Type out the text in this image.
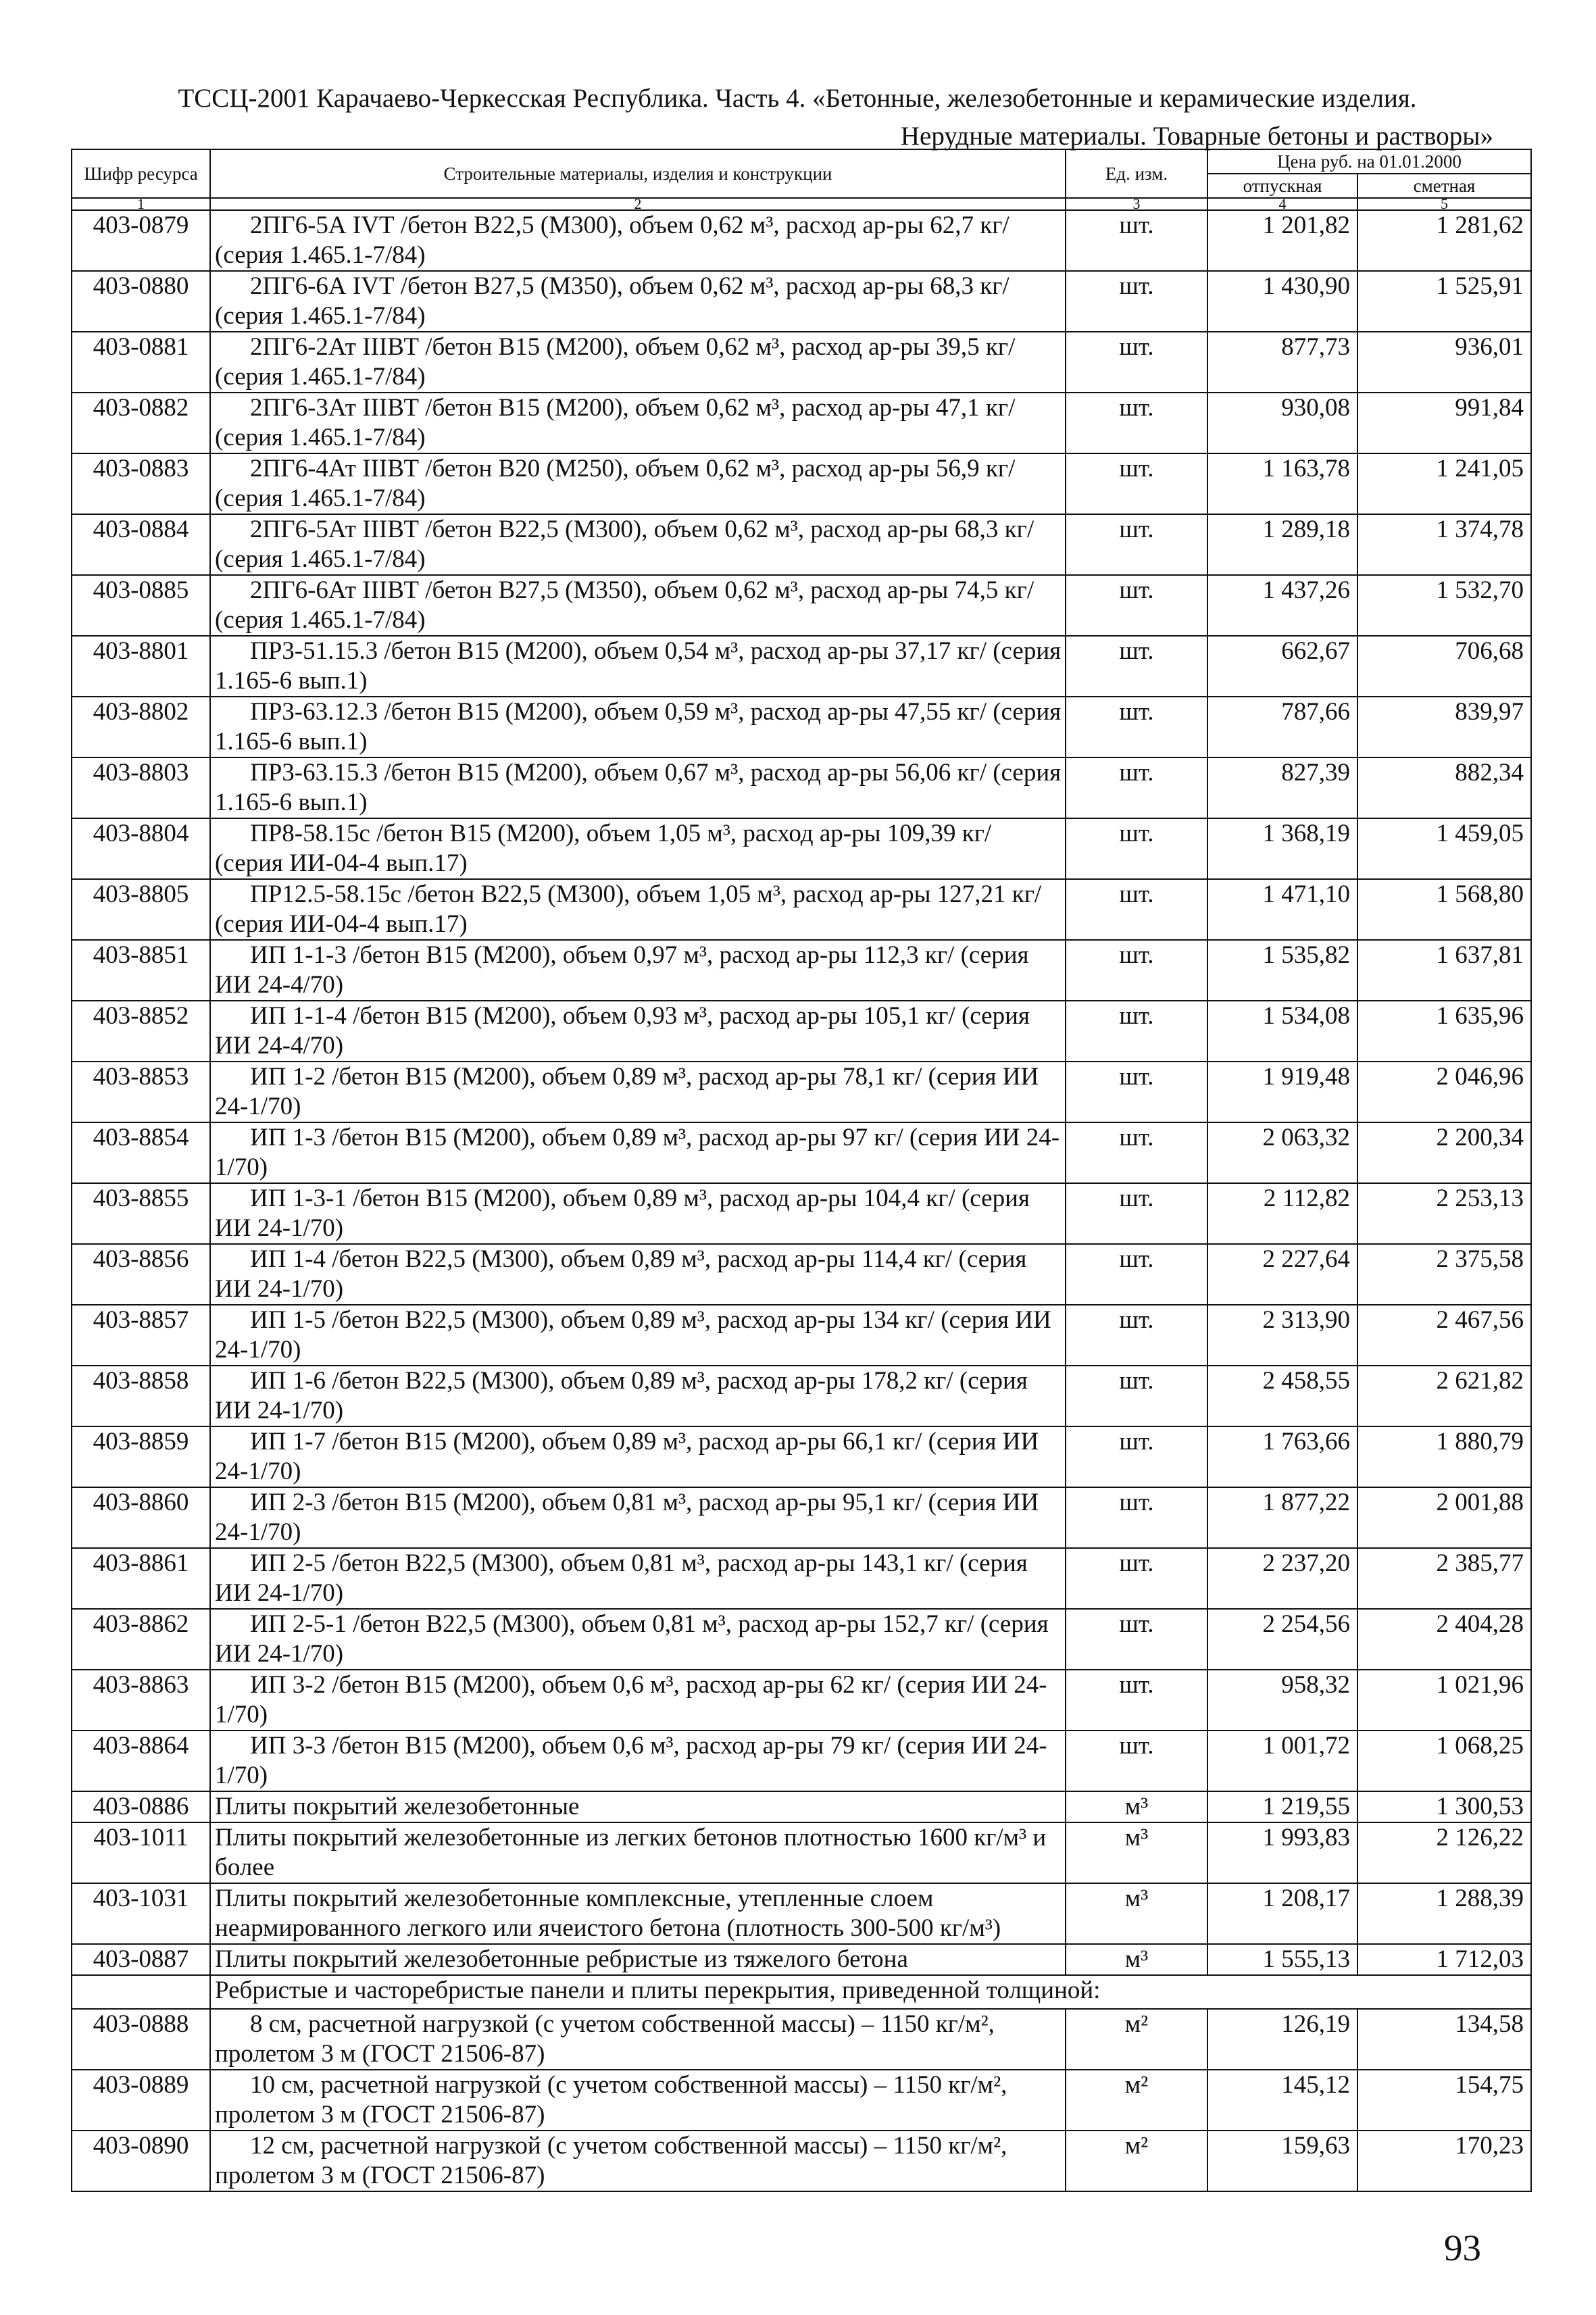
ТССЦ-2001 Карачаево-Черкесская Республика. Часть 4. «Бетонные, железобетонные и керамические изделия.
Нерудные материалы. Товарные бетоны и растворы»
Шифр ресурса	Строительные материалы, изделия и конструкции	Ед. изм.	Цена руб. на 01.01.2000	
			отпускная	сметная
1	2	3	4	5
403-0879	2ПГ6-5А IVТ /бетон В22,5 (М300), объем 0,62 м³, расход ар-ры 62,7 кг/ (серия 1.465.1-7/84)	шт.	1 201,82	1 281,62
403-0880	2ПГ6-6А IVТ /бетон В27,5 (М350), объем 0,62 м³, расход ар-ры 68,3 кг/ (серия 1.465.1-7/84)	шт.	1 430,90	1 525,91
403-0881	2ПГ6-2Ат IIIВТ /бетон В15 (М200), объем 0,62 м³, расход ар-ры 39,5 кг/ (серия 1.465.1-7/84)	шт.	877,73	936,01
403-0882	2ПГ6-3Ат IIIВТ /бетон В15 (М200), объем 0,62 м³, расход ар-ры 47,1 кг/ (серия 1.465.1-7/84)	шт.	930,08	991,84
403-0883	2ПГ6-4Ат IIIВТ /бетон В20 (М250), объем 0,62 м³, расход ар-ры 56,9 кг/ (серия 1.465.1-7/84)	шт.	1 163,78	1 241,05
403-0884	2ПГ6-5Ат IIIВТ /бетон В22,5 (М300), объем 0,62 м³, расход ар-ры 68,3 кг/ (серия 1.465.1-7/84)	шт.	1 289,18	1 374,78
403-0885	2ПГ6-6Ат IIIВТ /бетон В27,5 (М350), объем 0,62 м³, расход ар-ры 74,5 кг/ (серия 1.465.1-7/84)	шт.	1 437,26	1 532,70
403-8801	ПР3-51.15.3 /бетон В15 (М200), объем 0,54 м³, расход ар-ры 37,17 кг/ (серия 1.165-6 вып.1)	шт.	662,67	706,68
403-8802	ПР3-63.12.3 /бетон В15 (М200), объем 0,59 м³, расход ар-ры 47,55 кг/ (серия 1.165-6 вып.1)	шт.	787,66	839,97
403-8803	ПР3-63.15.3 /бетон В15 (М200), объем 0,67 м³, расход ар-ры 56,06 кг/ (серия 1.165-6 вып.1)	шт.	827,39	882,34
403-8804	ПР8-58.15с /бетон В15 (М200), объем 1,05 м³, расход ар-ры 109,39 кг/ (серия ИИ-04-4 вып.17)	шт.	1 368,19	1 459,05
403-8805	ПР12.5-58.15с /бетон В22,5 (М300), объем 1,05 м³, расход ар-ры 127,21 кг/ (серия ИИ-04-4 вып.17)	шт.	1 471,10	1 568,80
403-8851	ИП 1-1-3 /бетон В15 (М200), объем 0,97 м³, расход ар-ры 112,3 кг/ (серия ИИ 24-4/70)	шт.	1 535,82	1 637,81
403-8852	ИП 1-1-4 /бетон В15 (М200), объем 0,93 м³, расход ар-ры 105,1 кг/ (серия ИИ 24-4/70)	шт.	1 534,08	1 635,96
403-8853	ИП 1-2 /бетон В15 (М200), объем 0,89 м³, расход ар-ры 78,1 кг/ (серия ИИ 24-1/70)	шт.	1 919,48	2 046,96
403-8854	ИП 1-3 /бетон В15 (М200), объем 0,89 м³, расход ар-ры 97 кг/ (серия ИИ 24-1/70)	шт.	2 063,32	2 200,34
403-8855	ИП 1-3-1 /бетон В15 (М200), объем 0,89 м³, расход ар-ры 104,4 кг/ (серия ИИ 24-1/70)	шт.	2 112,82	2 253,13
403-8856	ИП 1-4 /бетон В22,5 (М300), объем 0,89 м³, расход ар-ры 114,4 кг/ (серия ИИ 24-1/70)	шт.	2 227,64	2 375,58
403-8857	ИП 1-5 /бетон В22,5 (М300), объем 0,89 м³, расход ар-ры 134 кг/ (серия ИИ 24-1/70)	шт.	2 313,90	2 467,56
403-8858	ИП 1-6 /бетон В22,5 (М300), объем 0,89 м³, расход ар-ры 178,2 кг/ (серия ИИ 24-1/70)	шт.	2 458,55	2 621,82
403-8859	ИП 1-7 /бетон В15 (М200), объем 0,89 м³, расход ар-ры 66,1 кг/ (серия ИИ 24-1/70)	шт.	1 763,66	1 880,79
403-8860	ИП 2-3 /бетон В15 (М200), объем 0,81 м³, расход ар-ры 95,1 кг/ (серия ИИ 24-1/70)	шт.	1 877,22	2 001,88
403-8861	ИП 2-5 /бетон В22,5 (М300), объем 0,81 м³, расход ар-ры 143,1 кг/ (серия ИИ 24-1/70)	шт.	2 237,20	2 385,77
403-8862	ИП 2-5-1 /бетон В22,5 (М300), объем 0,81 м³, расход ар-ры 152,7 кг/ (серия ИИ 24-1/70)	шт.	2 254,56	2 404,28
403-8863	ИП 3-2 /бетон В15 (М200), объем 0,6 м³, расход ар-ры 62 кг/ (серия ИИ 24-1/70)	шт.	958,32	1 021,96
403-8864	ИП 3-3 /бетон В15 (М200), объем 0,6 м³, расход ар-ры 79 кг/ (серия ИИ 24-1/70)	шт.	1 001,72	1 068,25
403-0886	Плиты покрытий железобетонные	м³	1 219,55	1 300,53
403-1011	Плиты покрытий железобетонные из легких бетонов плотностью 1600 кг/м³ и более	м³	1 993,83	2 126,22
403-1031	Плиты покрытий железобетонные комплексные, утепленные слоем неармированного легкого или ячеистого бетона (плотность 300-500 кг/м³)	м³	1 208,17	1 288,39
403-0887	Плиты покрытий железобетонные ребристые из тяжелого бетона	м³	1 555,13	1 712,03
	Ребристые и часторебристые панели и плиты перекрытия, приведенной толщиной:			
403-0888	8 см, расчетной нагрузкой (с учетом собственной массы) – 1150 кг/м², пролетом 3 м (ГОСТ 21506-87)	м²	126,19	134,58
403-0889	10 см, расчетной нагрузкой (с учетом собственной массы) – 1150 кг/м², пролетом 3 м (ГОСТ 21506-87)	м²	145,12	154,75
403-0890	12 см, расчетной нагрузкой (с учетом собственной массы) – 1150 кг/м², пролетом 3 м (ГОСТ 21506-87)	м²	159,63	170,23
93
